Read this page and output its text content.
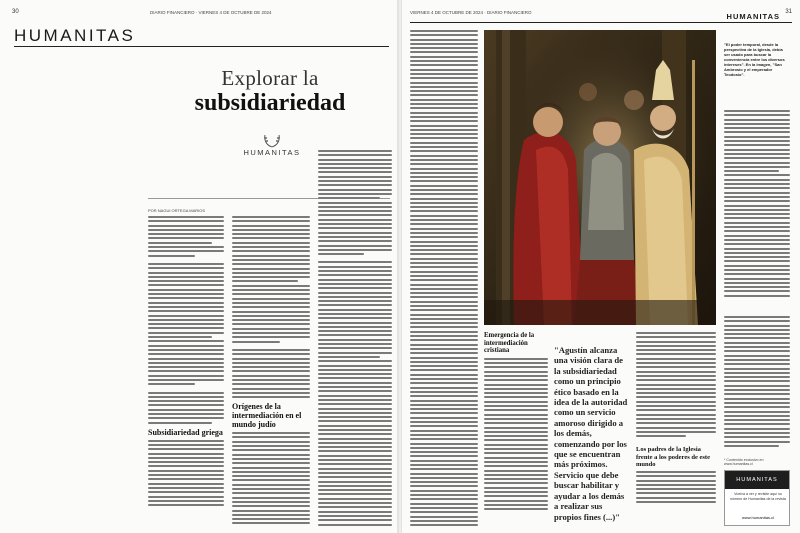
30	DIARIO FINANCIERO · VIERNES 4 DE OCTUBRE DE 2024
HUMANITAS
Explorar la
subsidiariedad
HUMANITAS
POR NAGUI ORTEGA MARIOS
Subsidiariedad griega
Orígenes de la intermediación en el mundo judío
VIERNES 4 DE OCTUBRE DE 2024 · DIARIO FINANCIERO	HUMANITAS 31
"El poder temporal, desde la perspectiva de la Iglesia, debía ser usado para buscar la conveniencia entre los diversos intereses". En la imagen, "San Ambrosio y el emperador Teodosio".
Emergencia de la intermediación cristiana	"Agustín alcanza una visión clara de la subsidiariedad como un principio ético basado en la idea de la autoridad como un servicio amoroso dirigido a los demás, comenzando por los que se encuentran más próximos. Servicio que debe buscar habilitar y ayudar a los demás a realizar sus propios fines (...)"
Los padres de la Iglesia frente a los poderes de este mundo
* Contenido exclusivo en www.humanitas.cl
HUMANITAS
Vuelva a ver y revisite aquí su número de Humanitas de la revista
www.humanitas.cl
